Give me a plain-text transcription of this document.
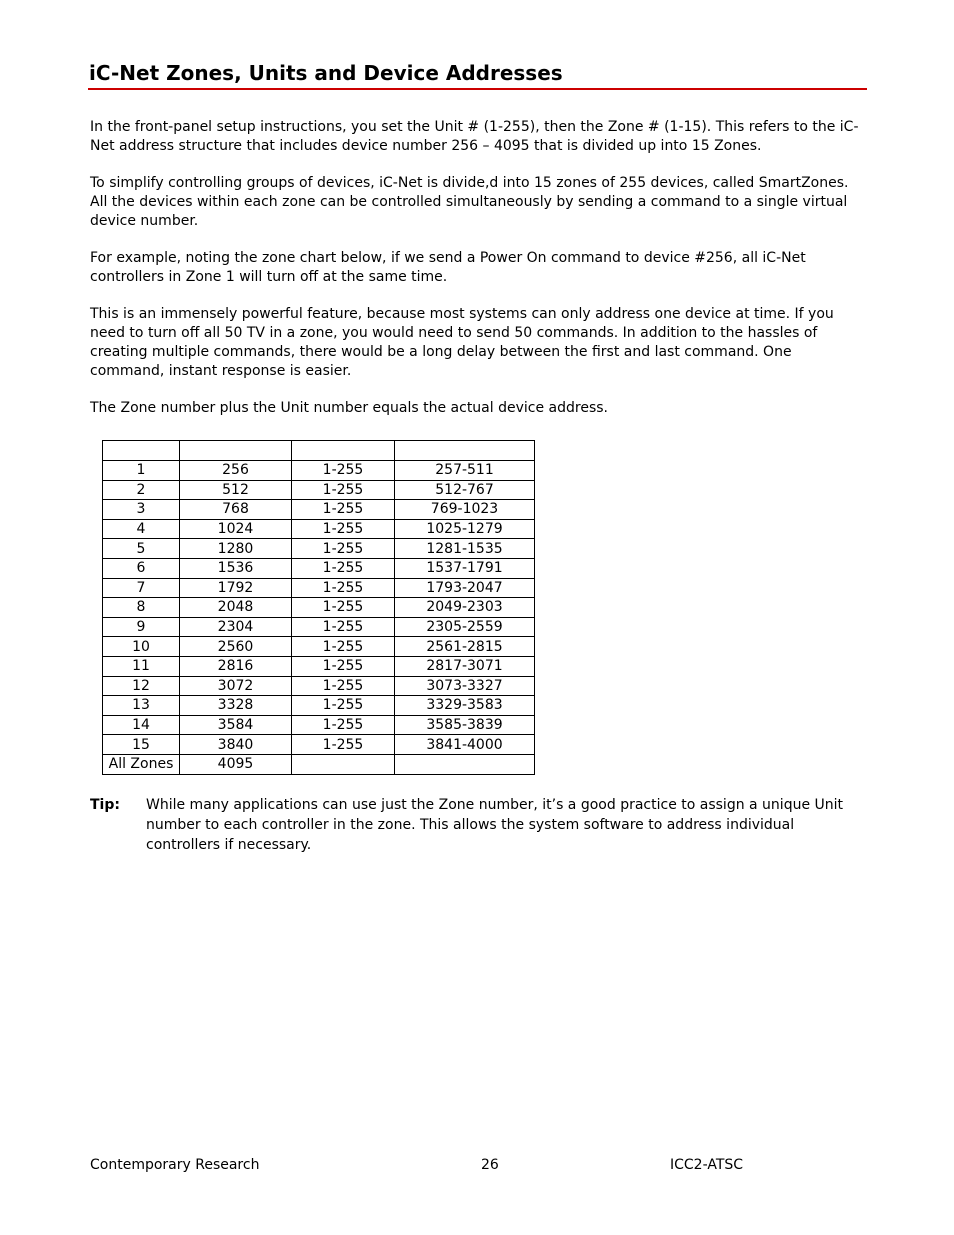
iC-Net Zones, Units and Device Addresses

In the front-panel setup instructions, you set the Unit # (1-255), then the Zone # (1-15). This refers to the iC-Net address structure that includes device number 256 – 4095 that is divided up into 15 Zones.

To simplify controlling groups of devices, iC-Net is divide,d into 15 zones of 255 devices, called SmartZones. All the devices within each zone can be controlled simultaneously by sending a command to a single virtual device number.

For example, noting the zone chart below, if we send a Power On command to device #256, all iC-Net controllers in Zone 1 will turn off at the same time.

This is an immensely powerful feature, because most systems can only address one device at time. If you need to turn off all 50 TV in a zone, you would need to send 50 commands. In addition to the hassles of creating multiple commands, there would be a long delay between the first and last command. One command, instant response is easier.

The Zone number plus the Unit number equals the actual device address.

1	256	1-255	257-511
2	512	1-255	512-767
3	768	1-255	769-1023
4	1024	1-255	1025-1279
5	1280	1-255	1281-1535
6	1536	1-255	1537-1791
7	1792	1-255	1793-2047
8	2048	1-255	2049-2303
9	2304	1-255	2305-2559
10	2560	1-255	2561-2815
11	2816	1-255	2817-3071
12	3072	1-255	3073-3327
13	3328	1-255	3329-3583
14	3584	1-255	3585-3839
15	3840	1-255	3841-4000
All Zones	4095		
Tip: While many applications can use just the Zone number, it’s a good practice to assign a unique Unit number to each controller in the zone. This allows the system software to address individual controllers if necessary.
Contemporary Research	26	ICC2-ATSC
